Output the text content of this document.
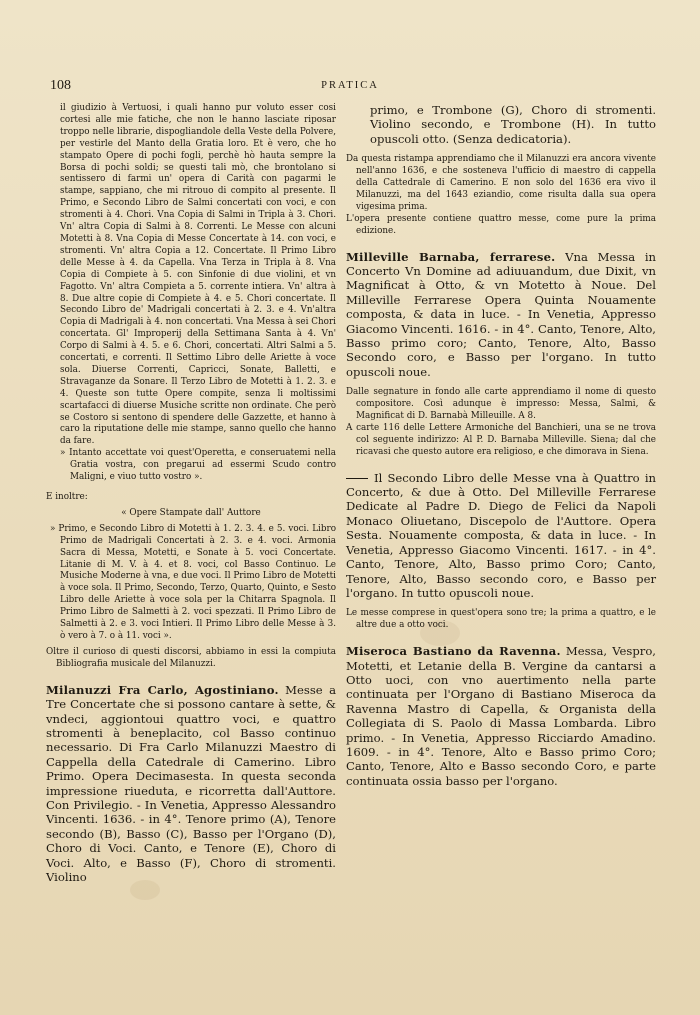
108	PRATICA

il giudizio à Vertuosi, i quali hanno pur voluto esser cosi cortesi alle mie fatiche, che non le hanno lasciate riposar troppo nelle librarie, dispogliandole della Veste della Polvere, per vestirle del Manto della Gratia loro. Et è vero, che ho stampato Opere di pochi fogli, perchè hò hauta sempre la Borsa di pochi soldi; se questi tali mò, che brontolano si sentissero di farmi un' opera di Carità con pagarmi le stampe, sappiano, che mi ritrouo di compito al presente. Il Primo, e Secondo Libro de Salmi concertati con voci, e con stromenti à 4. Chori. Vna Copia di Salmi in Tripla à 3. Chori. Vn' altra Copia di Salmi à 8. Correnti. Le Messe con alcuni Motetti à 8. Vna Copia di Messe Concertate à 14. con voci, e stromenti. Vn' altra Copia a 12. Concertate. Il Primo Libro delle Messe à 4. da Capella. Vna Terza in Tripla à 8. Vna Copia di Compiete à 5. con Sinfonie di due violini, et vn Fagotto. Vn' altra Compieta a 5. corrente intiera. Vn' altra à 8. Due altre copie di Compiete à 4. e 5. Chori concertate. Il Secondo Libro de' Madrigali concertati à 2. 3. e 4. Vn'altra Copia di Madrigali à 4. non concertati. Vna Messa à sei Chori concertata. Gl' Improperij della Settimana Santa à 4. Vn' Corpo di Salmi à 4. 5. e 6. Chori, concertati. Altri Salmi a 5. concertati, e correnti. Il Settimo Libro delle Ariette à voce sola. Diuerse Correnti, Capricci, Sonate, Balletti, e Stravaganze da Sonare. Il Terzo Libro de Motetti à 1. 2. 3. e 4. Queste son tutte Opere compite, senza li moltissimi scartafacci di diuerse Musiche scritte non ordinate. Che però se Costoro si sentono di spendere delle Gazzette, et hanno à caro la riputatione delle mie stampe, sanno quello che hanno da fare.

» Intanto accettate voi quest'Operetta, e conseruatemi nella Gratia vostra, con pregarui ad essermi Scudo contro Maligni, e viuo tutto vostro ».

E inoltre:

« Opere Stampate dall' Auttore

» Primo, e Secondo Libro di Motetti à 1. 2. 3. 4. e 5. voci. Libro Primo de Madrigali Concertati à 2. 3. e 4. voci. Armonia Sacra di Messa, Motetti, e Sonate à 5. voci Concertate. Litanie di M. V. à 4. et 8. voci, col Basso Continuo. Le Musiche Moderne à vna, e due voci. Il Primo Libro de Motetti à voce sola. Il Primo, Secondo, Terzo, Quarto, Quinto, e Sesto Libro delle Ariette à voce sola per la Chitarra Spagnola. Il Primo Libro de Salmetti à 2. voci spezzati. Il Primo Libro de Salmetti à 2. e 3. voci Intieri. Il Primo Libro delle Messe à 3. ò vero à 7. o à 11. voci ».

Oltre il curioso di questi discorsi, abbiamo in essi la compiuta Bibliografia musicale del Milanuzzi.

Milanuzzi Fra Carlo, Agostiniano. Messe a Tre Concertate che si possono cantare à sette, & vndeci, aggiontoui quattro voci, e quattro stromenti à beneplacito, col Basso continuo necessario. Di Fra Carlo Milanuzzi Maestro di Cappella della Catedrale di Camerino. Libro Primo. Opera Decimasesta. In questa seconda impressione riueduta, e ricorretta dall'Auttore. Con Privilegio. - In Venetia, Appresso Alessandro Vincenti. 1636. - in 4°. Tenore primo (A), Tenore secondo (B), Basso (C), Basso per l'Organo (D), Choro di Voci. Canto, e Tenore (E), Choro di Voci. Alto, e Basso (F), Choro di stromenti. Violino

primo, e Trombone (G), Choro di stromenti. Violino secondo, e Trombone (H). In tutto opuscoli otto. (Senza dedicatoria).

Da questa ristampa apprendiamo che il Milanuzzi era ancora vivente nell'anno 1636, e che sosteneva l'ufficio di maestro di cappella della Cattedrale di Camerino. E non solo del 1636 era vivo il Milanuzzi, ma del 1643 eziandio, come risulta dalla sua opera vigesima prima.

L'opera presente contiene quattro messe, come pure la prima edizione.

Milleville Barnaba, ferrarese. Vna Messa in Concerto Vn Domine ad adiuuandum, due Dixit, vn Magnificat à Otto, & vn Motetto à Noue. Del Milleville Ferrarese Opera Quinta Nouamente composta, & data in luce. - In Venetia, Appresso Giacomo Vincenti. 1616. - in 4°. Canto, Tenore, Alto, Basso primo coro; Canto, Tenore, Alto, Basso Secondo coro, e Basso per l'organo. In tutto opuscoli noue.

Dalle segnature in fondo alle carte apprendiamo il nome di questo compositore. Così adunque è impresso: Messa, Salmi, & Magnificat di D. Barnabà Milleuille. A 8.

A carte 116 delle Lettere Armoniche del Banchieri, una se ne trova col seguente indirizzo: Al P. D. Barnaba Milleville. Siena; dal che ricavasi che questo autore era religioso, e che dimorava in Siena.

Il Secondo Libro delle Messe vna à Quattro in Concerto, & due à Otto. Del Milleville Ferrarese Dedicate al Padre D. Diego de Felici da Napoli Monaco Oliuetano, Discepolo de l'Auttore. Opera Sesta. Nouamente composta, & data in luce. - In Venetia, Appresso Giacomo Vincenti. 1617. - in 4°. Canto, Tenore, Alto, Basso primo Coro; Canto, Tenore, Alto, Basso secondo coro, e Basso per l'organo. In tutto opuscoli noue.

Le messe comprese in quest'opera sono tre; la prima a quattro, e le altre due a otto voci.

Miseroca Bastiano da Ravenna. Messa, Vespro, Motetti, et Letanie della B. Vergine da cantarsi a Otto uoci, con vno auertimento nella parte continuata per l'Organo di Bastiano Miseroca da Ravenna Mastro di Capella, & Organista della Collegiata di S. Paolo di Massa Lombarda. Libro primo. - In Venetia, Appresso Ricciardo Amadino. 1609. - in 4°. Tenore, Alto e Basso primo Coro; Canto, Tenore, Alto e Basso secondo Coro, e parte continuata ossia basso per l'organo.
